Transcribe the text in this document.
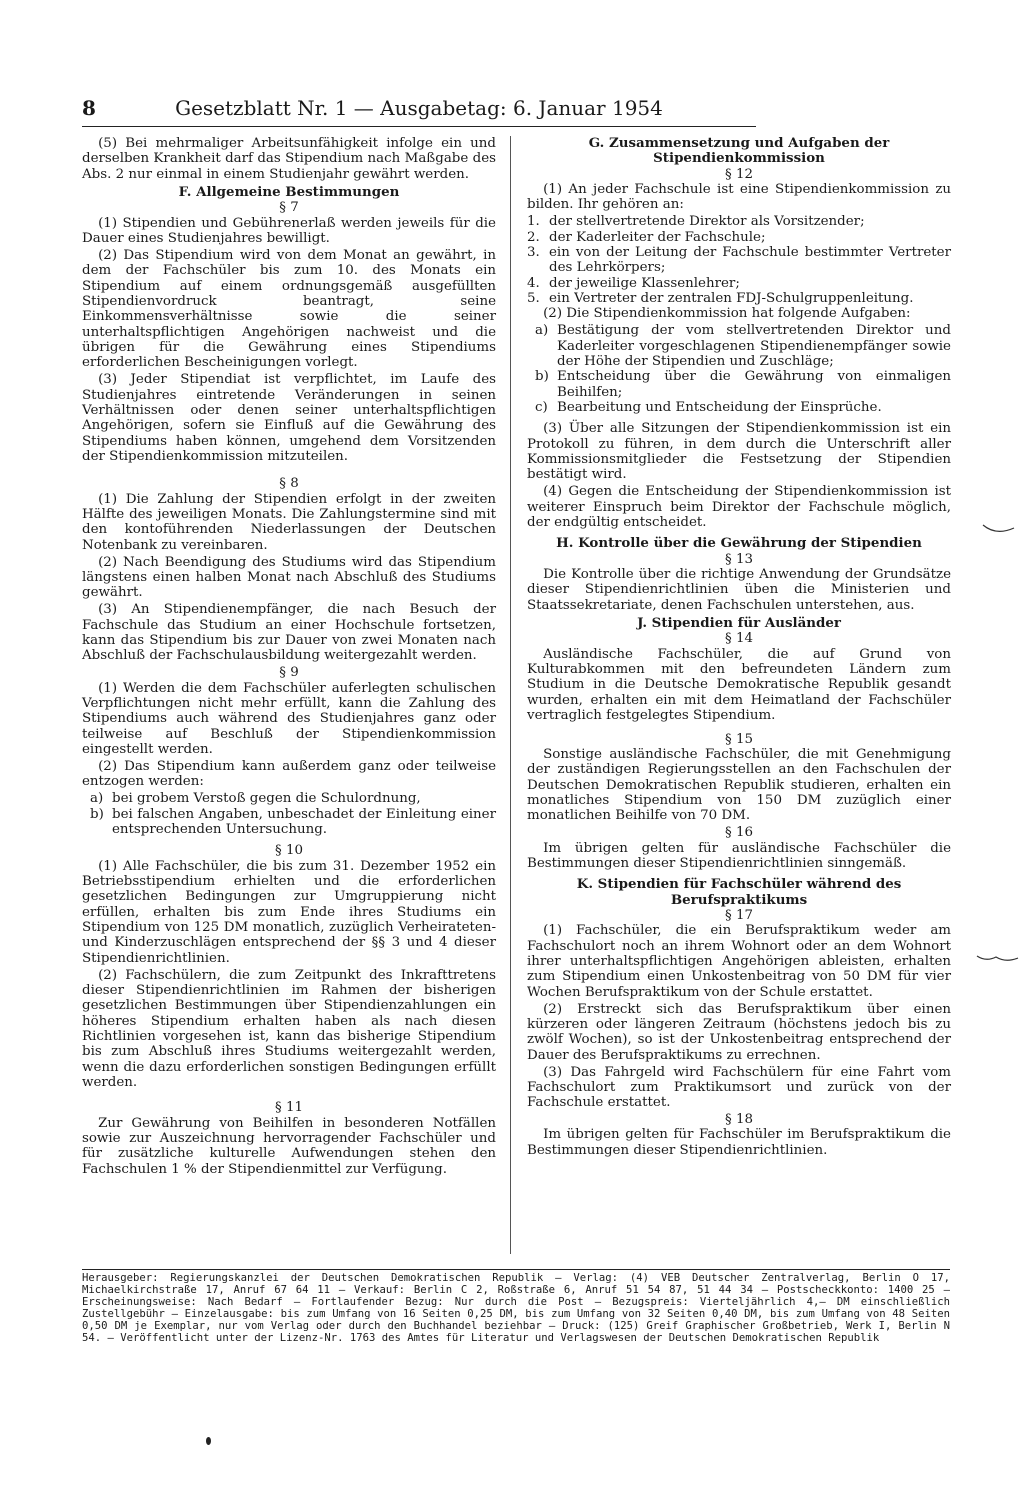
8	Gesetzblatt Nr. 1 — Ausgabetag: 6. Januar 1954

(5) Bei mehrmaliger Arbeitsunfähigkeit infolge ein und derselben Krankheit darf das Stipendium nach Maßgabe des Abs. 2 nur einmal in einem Studienjahr gewährt werden.

F. Allgemeine Bestimmungen
§ 7

(1) Stipendien und Gebührenerlaß werden jeweils für die Dauer eines Studienjahres bewilligt.

(2) Das Stipendium wird von dem Monat an gewährt, in dem der Fachschüler bis zum 10. des Monats ein Stipendium auf einem ordnungsgemäß ausgefüllten Stipendienvordruck beantragt, seine Einkommensverhältnisse sowie die seiner unterhaltspflichtigen Angehörigen nachweist und die übrigen für die Gewährung eines Stipendiums erforderlichen Bescheinigungen vorlegt.

(3) Jeder Stipendiat ist verpflichtet, im Laufe des Studienjahres eintretende Veränderungen in seinen Verhältnissen oder denen seiner unterhaltspflichtigen Angehörigen, sofern sie Einfluß auf die Gewährung des Stipendiums haben können, umgehend dem Vorsitzenden der Stipendienkommission mitzuteilen.

§ 8

(1) Die Zahlung der Stipendien erfolgt in der zweiten Hälfte des jeweiligen Monats. Die Zahlungstermine sind mit den kontoführenden Niederlassungen der Deutschen Notenbank zu vereinbaren.

(2) Nach Beendigung des Studiums wird das Stipendium längstens einen halben Monat nach Abschluß des Studiums gewährt.

(3) An Stipendienempfänger, die nach Besuch der Fachschule das Studium an einer Hochschule fortsetzen, kann das Stipendium bis zur Dauer von zwei Monaten nach Abschluß der Fachschulausbildung weitergezahlt werden.

§ 9

(1) Werden die dem Fachschüler auferlegten schulischen Verpflichtungen nicht mehr erfüllt, kann die Zahlung des Stipendiums auch während des Studienjahres ganz oder teilweise auf Beschluß der Stipendienkommission eingestellt werden.

(2) Das Stipendium kann außerdem ganz oder teilweise entzogen werden:

a) bei grobem Verstoß gegen die Schulordnung,
b) bei falschen Angaben, unbeschadet der Einleitung einer entsprechenden Untersuchung.
§ 10

(1) Alle Fachschüler, die bis zum 31. Dezember 1952 ein Betriebsstipendium erhielten und die erforderlichen gesetzlichen Bedingungen zur Umgruppierung nicht erfüllen, erhalten bis zum Ende ihres Studiums ein Stipendium von 125 DM monatlich, zuzüglich Verheirateten- und Kinderzuschlägen entsprechend der §§ 3 und 4 dieser Stipendienrichtlinien.

(2) Fachschülern, die zum Zeitpunkt des Inkrafttretens dieser Stipendienrichtlinien im Rahmen der bisherigen gesetzlichen Bestimmungen über Stipendienzahlungen ein höheres Stipendium erhalten haben als nach diesen Richtlinien vorgesehen ist, kann das bisherige Stipendium bis zum Abschluß ihres Studiums weitergezahlt werden, wenn die dazu erforderlichen sonstigen Bedingungen erfüllt werden.

§ 11

Zur Gewährung von Beihilfen in besonderen Notfällen sowie zur Auszeichnung hervorragender Fachschüler und für zusätzliche kulturelle Aufwendungen stehen den Fachschulen 1 % der Stipendienmittel zur Verfügung.

G. Zusammensetzung und Aufgaben der Stipendienkommission
§ 12

(1) An jeder Fachschule ist eine Stipendienkommission zu bilden. Ihr gehören an:

1. der stellvertretende Direktor als Vorsitzender;
2. der Kaderleiter der Fachschule;
3. ein von der Leitung der Fachschule bestimmter Vertreter des Lehrkörpers;
4. der jeweilige Klassenlehrer;
5. ein Vertreter der zentralen FDJ-Schulgruppenleitung.

(2) Die Stipendienkommission hat folgende Aufgaben:

a) Bestätigung der vom stellvertretenden Direktor und Kaderleiter vorgeschlagenen Stipendienempfänger sowie der Höhe der Stipendien und Zuschläge;
b) Entscheidung über die Gewährung von einmaligen Beihilfen;
c) Bearbeitung und Entscheidung der Einsprüche.

(3) Über alle Sitzungen der Stipendienkommission ist ein Protokoll zu führen, in dem durch die Unterschrift aller Kommissionsmitglieder die Festsetzung der Stipendien bestätigt wird.

(4) Gegen die Entscheidung der Stipendienkommission ist weiterer Einspruch beim Direktor der Fachschule möglich, der endgültig entscheidet.

H. Kontrolle über die Gewährung der Stipendien
§ 13

Die Kontrolle über die richtige Anwendung der Grundsätze dieser Stipendienrichtlinien üben die Ministerien und Staatssekretariate, denen Fachschulen unterstehen, aus.

J. Stipendien für Ausländer
§ 14

Ausländische Fachschüler, die auf Grund von Kulturabkommen mit den befreundeten Ländern zum Studium in die Deutsche Demokratische Republik gesandt wurden, erhalten ein mit dem Heimatland der Fachschüler vertraglich festgelegtes Stipendium.

§ 15

Sonstige ausländische Fachschüler, die mit Genehmigung der zuständigen Regierungsstellen an den Fachschulen der Deutschen Demokratischen Republik studieren, erhalten ein monatliches Stipendium von 150 DM zuzüglich einer monatlichen Beihilfe von 70 DM.

§ 16

Im übrigen gelten für ausländische Fachschüler die Bestimmungen dieser Stipendienrichtlinien sinngemäß.

K. Stipendien für Fachschüler während des Berufspraktikums
§ 17

(1) Fachschüler, die ein Berufspraktikum weder am Fachschulort noch an ihrem Wohnort oder an dem Wohnort ihrer unterhaltspflichtigen Angehörigen ableisten, erhalten zum Stipendium einen Unkostenbeitrag von 50 DM für vier Wochen Berufspraktikum von der Schule erstattet.

(2) Erstreckt sich das Berufspraktikum über einen kürzeren oder längeren Zeitraum (höchstens jedoch bis zu zwölf Wochen), so ist der Unkostenbeitrag entsprechend der Dauer des Berufspraktikums zu errechnen.

(3) Das Fahrgeld wird Fachschülern für eine Fahrt vom Fachschulort zum Praktikumsort und zurück von der Fachschule erstattet.

§ 18

Im übrigen gelten für Fachschüler im Berufspraktikum die Bestimmungen dieser Stipendienrichtlinien.

Herausgeber: Regierungskanzlei der Deutschen Demokratischen Republik — Verlag: (4) VEB Deutscher Zentralverlag, Berlin O 17, Michaelkirchstraße 17, Anruf 67 64 11 — Verkauf: Berlin C 2, Roßstraße 6, Anruf 51 54 87, 51 44 34 — Postscheckkonto: 1400 25 — Erscheinungsweise: Nach Bedarf — Fortlaufender Bezug: Nur durch die Post — Bezugspreis: Vierteljährlich 4,— DM einschließlich Zustellgebühr — Einzelausgabe: bis zum Umfang von 16 Seiten 0,25 DM, bis zum Umfang von 32 Seiten 0,40 DM, bis zum Umfang von 48 Seiten 0,50 DM je Exemplar, nur vom Verlag oder durch den Buchhandel beziehbar — Druck: (125) Greif Graphischer Großbetrieb, Werk I, Berlin N 54. — Veröffentlicht unter der Lizenz-Nr. 1763 des Amtes für Literatur und Verlagswesen der Deutschen Demokratischen Republik
